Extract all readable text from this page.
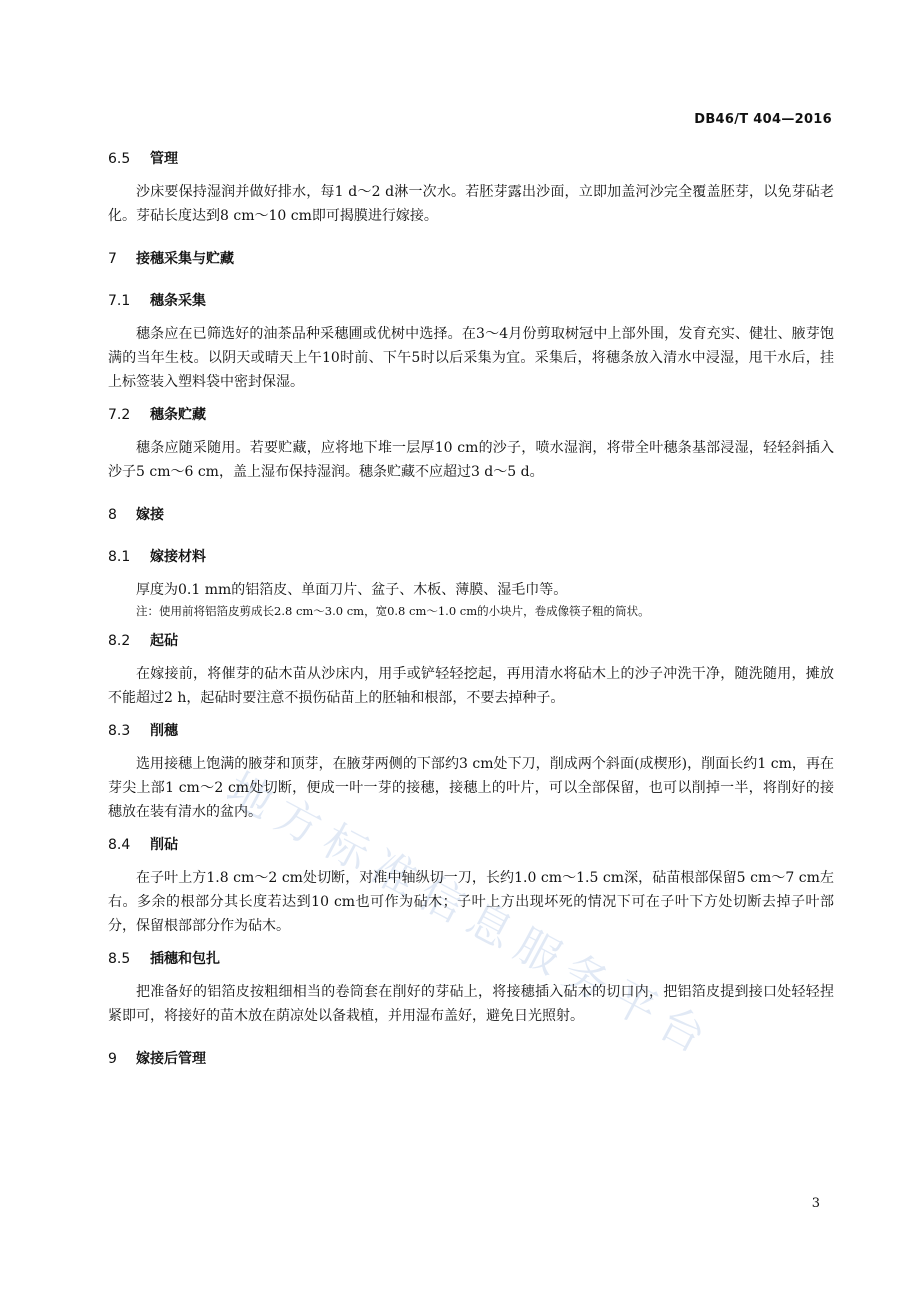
DB46/T 404—2016
地
方
标
准
信
息
服
务
平
台
6.5 管理

沙床要保持湿润并做好排水，每1 d～2 d淋一次水。若胚芽露出沙面，立即加盖河沙完全覆盖胚芽，以免芽砧老化。芽砧长度达到8 cm～10 cm即可揭膜进行嫁接。

7 接穗采集与贮藏
7.1 穗条采集

穗条应在已筛选好的油茶品种采穗圃或优树中选择。在3～4月份剪取树冠中上部外围，发育充实、健壮、腋芽饱满的当年生枝。以阴天或晴天上午10时前、下午5时以后采集为宜。采集后，将穗条放入清水中浸湿，甩干水后，挂上标签装入塑料袋中密封保湿。

7.2 穗条贮藏

穗条应随采随用。若要贮藏，应将地下堆一层厚10 cm的沙子，喷水湿润，将带全叶穗条基部浸湿，轻轻斜插入沙子5 cm～6 cm，盖上湿布保持湿润。穗条贮藏不应超过3 d～5 d。

8 嫁接
8.1 嫁接材料

厚度为0.1 mm的铝箔皮、单面刀片、盆子、木板、薄膜、湿毛巾等。

注：使用前将铝箔皮剪成长2.8 cm～3.0 cm，宽0.8 cm～1.0 cm的小块片，卷成像筷子粗的筒状。

8.2 起砧

在嫁接前，将催芽的砧木苗从沙床内，用手或铲轻轻挖起，再用清水将砧木上的沙子冲洗干净，随洗随用，摊放不能超过2 h，起砧时要注意不损伤砧苗上的胚轴和根部，不要去掉种子。

8.3 削穗

选用接穗上饱满的腋芽和顶芽，在腋芽两侧的下部约3 cm处下刀，削成两个斜面(成楔形)，削面长约1 cm，再在芽尖上部1 cm～2 cm处切断，便成一叶一芽的接穗，接穗上的叶片，可以全部保留，也可以削掉一半，将削好的接穗放在装有清水的盆内。

8.4 削砧

在子叶上方1.8 cm～2 cm处切断，对准中轴纵切一刀，长约1.0 cm～1.5 cm深，砧苗根部保留5 cm～7 cm左右。多余的根部分其长度若达到10 cm也可作为砧木；子叶上方出现坏死的情况下可在子叶下方处切断去掉子叶部分，保留根部部分作为砧木。

8.5 插穗和包扎

把准备好的铝箔皮按粗细相当的卷筒套在削好的芽砧上，将接穗插入砧木的切口内，把铝箔皮提到接口处轻轻捏紧即可，将接好的苗木放在荫凉处以备栽植，并用湿布盖好，避免日光照射。

9 嫁接后管理
3
